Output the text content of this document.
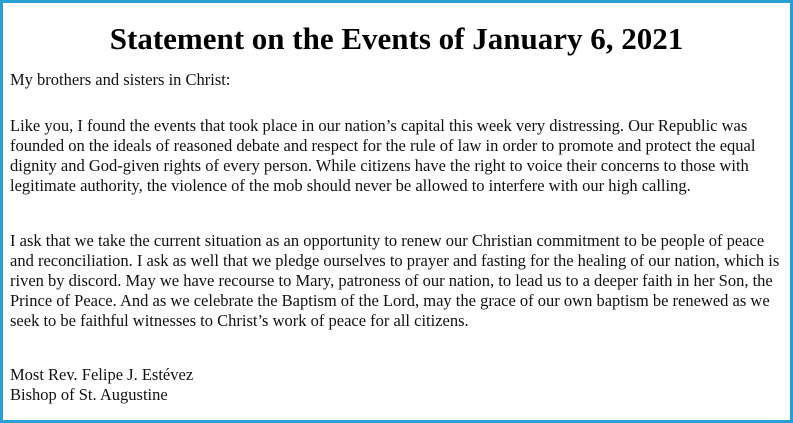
Statement on the Events of January 6, 2021

My brothers and sisters in Christ:

Like you, I found the events that took place in our nation’s capital this week very distressing. Our Republic was founded on the ideals of reasoned debate and respect for the rule of law in order to promote and protect the equal dignity and God-given rights of every person. While citizens have the right to voice their concerns to those with legitimate authority, the violence of the mob should never be allowed to interfere with our high calling.

I ask that we take the current situation as an opportunity to renew our Christian commitment to be people of peace and reconciliation. I ask as well that we pledge ourselves to prayer and fasting for the healing of our nation, which is riven by discord. May we have recourse to Mary, patroness of our nation, to lead us to a deeper faith in her Son, the Prince of Peace. And as we celebrate the Baptism of the Lord, may the grace of our own baptism be renewed as we seek to be faithful witnesses to Christ’s work of peace for all citizens.

Most Rev. Felipe J. Estévez

Bishop of St. Augustine
